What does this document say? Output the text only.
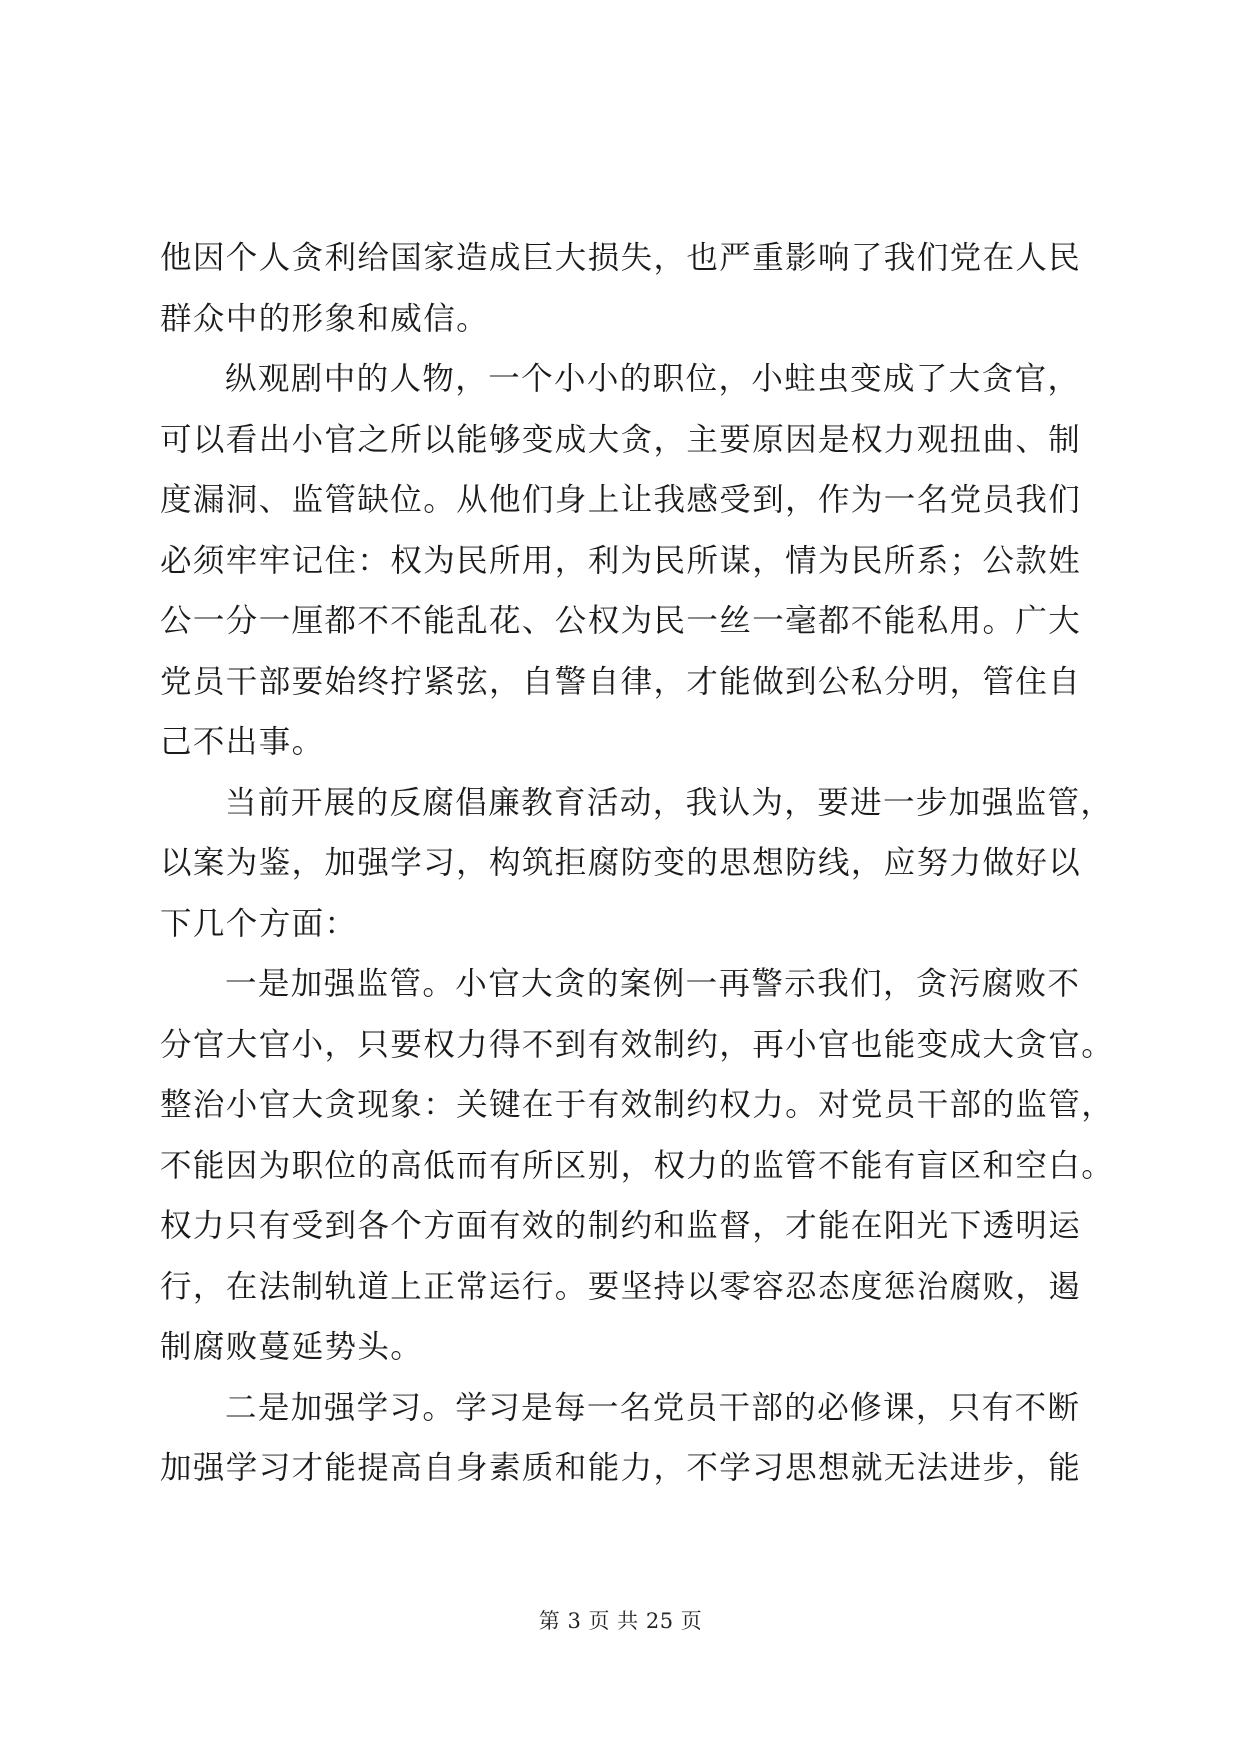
他因个人贪利给国家造成巨大损失，也严重影响了我们党在人民
群众中的形象和威信。
纵观剧中的人物，一个小小的职位，小蛀虫变成了大贪官，
可以看出小官之所以能够变成大贪，主要原因是权力观扭曲、制
度漏洞、监管缺位。从他们身上让我感受到，作为一名党员我们
必须牢牢记住：权为民所用，利为民所谋，情为民所系；公款姓
公一分一厘都不不能乱花、公权为民一丝一毫都不能私用。广大
党员干部要始终拧紧弦，自警自律，才能做到公私分明，管住自
己不出事。
当前开展的反腐倡廉教育活动，我认为，要进一步加强监管，
以案为鉴，加强学习，构筑拒腐防变的思想防线，应努力做好以
下几个方面：
一是加强监管。小官大贪的案例一再警示我们，贪污腐败不
分官大官小，只要权力得不到有效制约，再小官也能变成大贪官。
整治小官大贪现象：关键在于有效制约权力。对党员干部的监管，
不能因为职位的高低而有所区别，权力的监管不能有盲区和空白。
权力只有受到各个方面有效的制约和监督，才能在阳光下透明运
行，在法制轨道上正常运行。要坚持以零容忍态度惩治腐败，遏
制腐败蔓延势头。
二是加强学习。学习是每一名党员干部的必修课，只有不断
加强学习才能提高自身素质和能力，不学习思想就无法进步，能
第 3 页 共 25 页
